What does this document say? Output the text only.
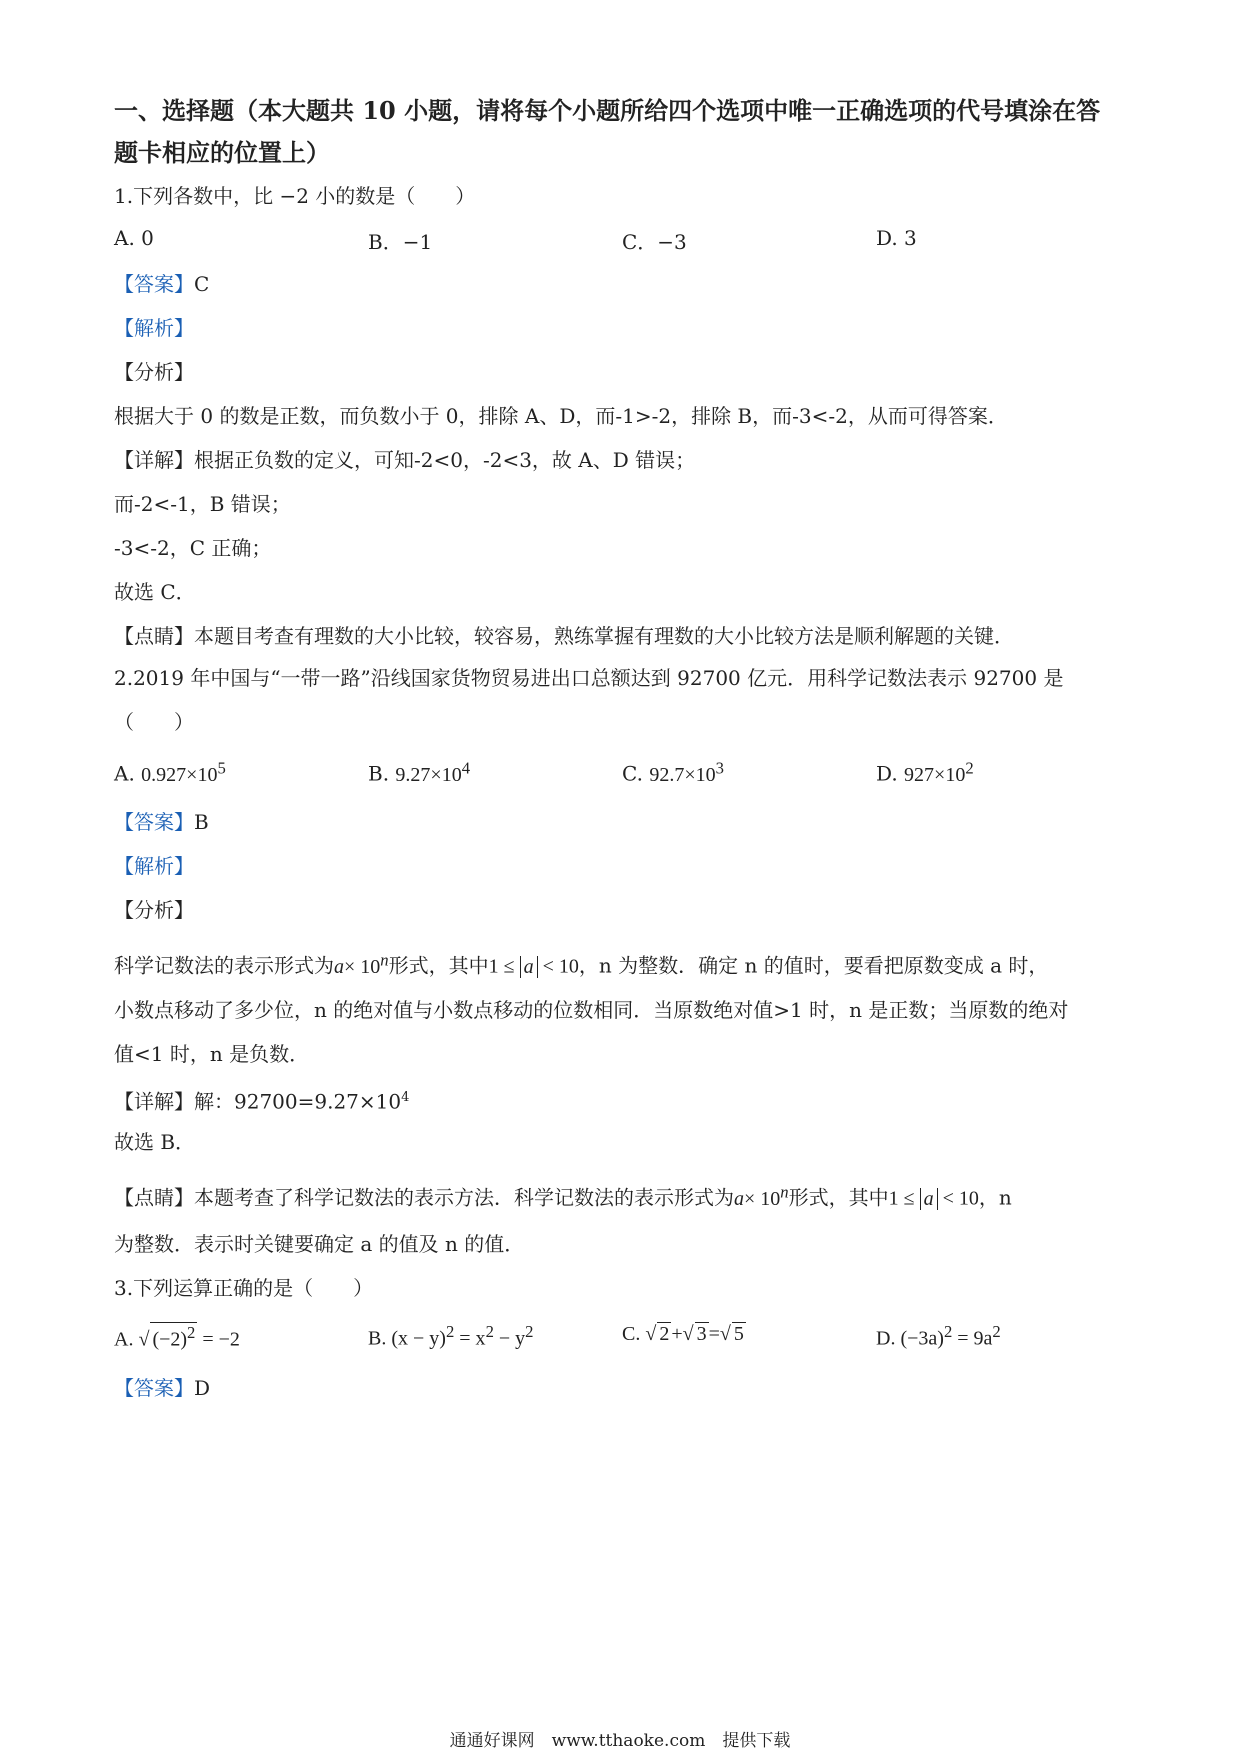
一、选择题（本大题共 10 小题，请将每个小题所给四个选项中唯一正确选项的代号填涂在答
题卡相应的位置上）
1.下列各数中，比 −2 小的数是（　　）
A. 0	B．−1	C．−3	D. 3
【答案】C
【解析】
【分析】
根据大于 0 的数是正数，而负数小于 0，排除 A、D，而-1>-2，排除 B，而-3<-2，从而可得答案．
【详解】根据正负数的定义，可知-2<0，-2<3，故 A、D 错误；
而-2<-1，B 错误；
-3<-2，C 正确；
故选 C．
【点睛】本题目考查有理数的大小比较，较容易，熟练掌握有理数的大小比较方法是顺利解题的关键．
2.2019 年中国与“一带一路”沿线国家货物贸易进出口总额达到 92700 亿元．用科学记数法表示 92700 是
（　　）
A. $0.927\times 10^5$	B. $9.27\times 10^4$	C. $92.7\times 10^3$	D. $927\times 10^2$
【答案】B
【解析】
【分析】
科学记数法的表示形式为$a\times 10^n$形式，其中1 ≤ a < 10，n 为整数．确定 n 的值时，要看把原数变成 a 时，
小数点移动了多少位，n 的绝对值与小数点移动的位数相同．当原数绝对值>1 时，n 是正数；当原数的绝对
值<1 时，n 是负数．
【详解】解：$92700=9.27\times 10^4$
故选 B．
【点睛】本题考查了科学记数法的表示方法．科学记数法的表示形式为$a\times 10^n$形式，其中1 ≤ a < 10，n
为整数．表示时关键要确定 a 的值及 n 的值．
3.下列运算正确的是（　　）
A. √ $(-2)^2 = -2$	B. $(x - y)^2 = x^2 - y^2$	C. √ 2 +√ 3 =√ 5	D. $(-3a)^2 = 9a^2$
【答案】D
通通好课网　www.tthaoke.com　提供下载
